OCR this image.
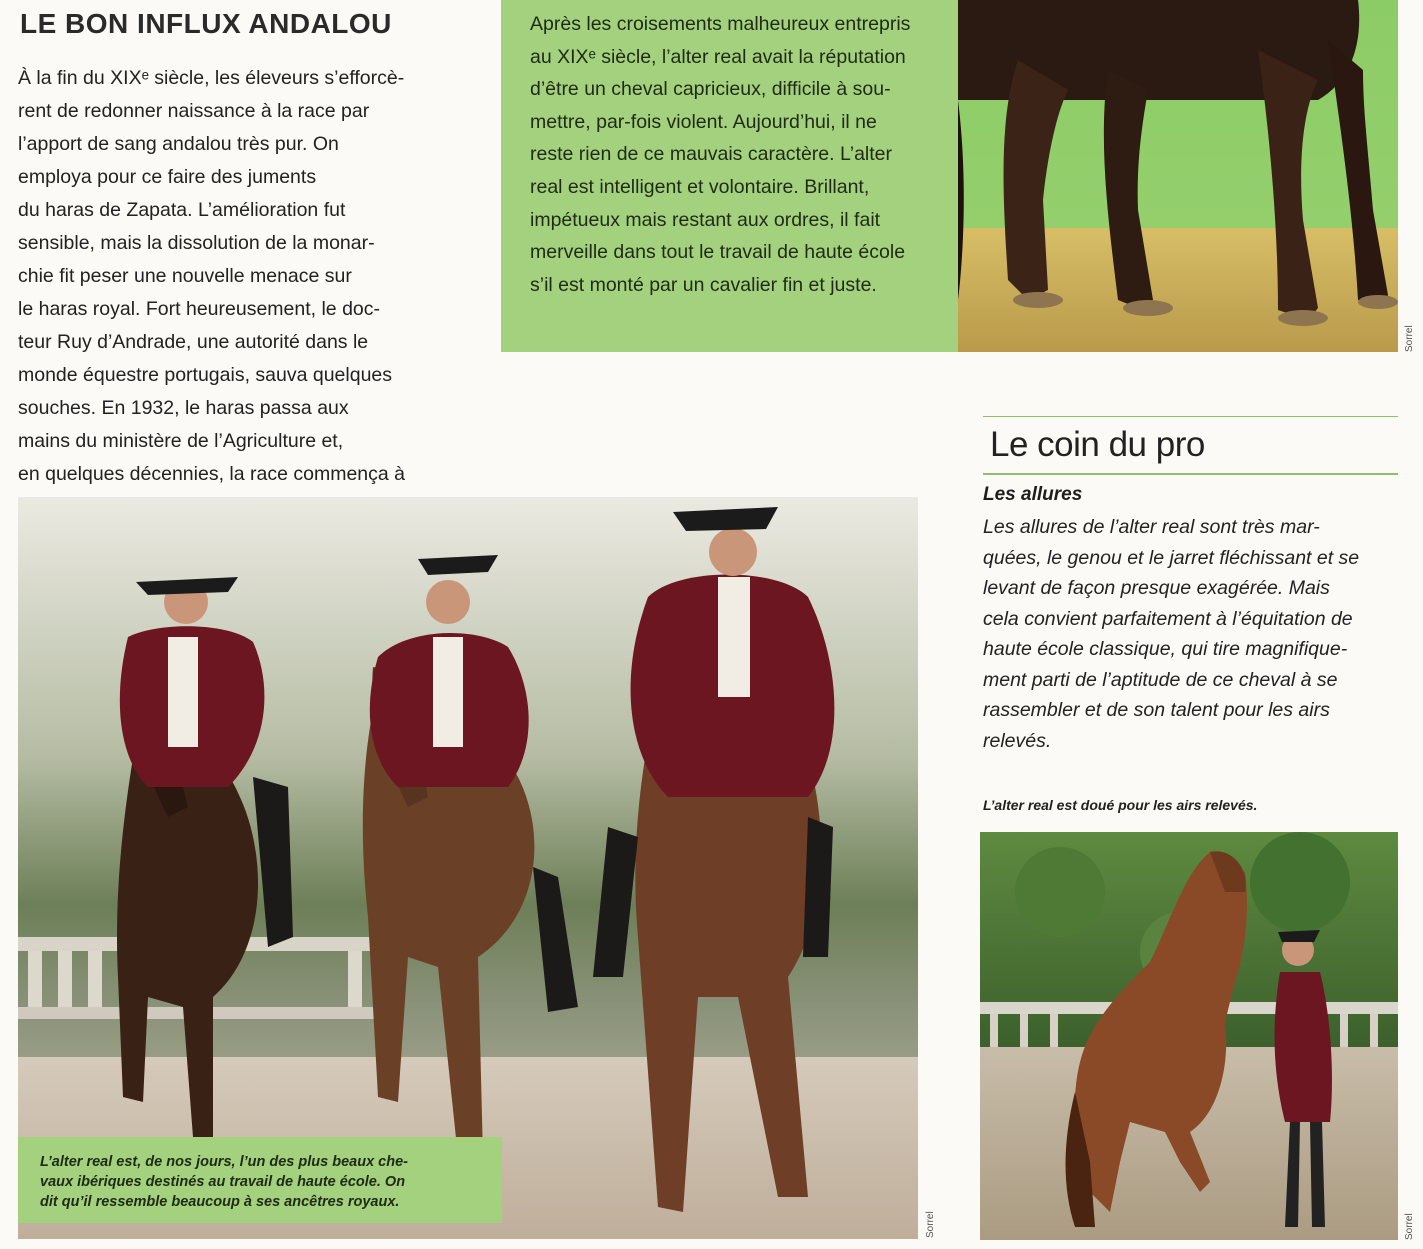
LE BON INFLUX ANDALOU

À la fin du XIXᵉ siècle, les éleveurs s’efforcè-

rent de redonner naissance à la race par

l’apport de sang andalou très pur. On

employa pour ce faire des juments

du haras de Zapata. L’amélioration fut

sensible, mais la dissolution de la monar-

chie fit peser une nouvelle menace sur

le haras royal. Fort heureusement, le doc-

teur Ruy d’Andrade, une autorité dans le

monde équestre portugais, sauva quelques

souches. En 1932, le haras passa aux

mains du ministère de l’Agriculture et,

en quelques décennies, la race commença à

Après les croisements malheureux entrepris

au XIXᵉ siècle, l’alter real avait la réputation

d’être un cheval capricieux, difficile à sou-

mettre, par-fois violent. Aujourd’hui, il ne

reste rien de ce mauvais caractère. L’alter

real est intelligent et volontaire. Brillant,

impétueux mais restant aux ordres, il fait

merveille dans tout le travail de haute école

s’il est monté par un cavalier fin et juste.

Sorrel
Le coin du pro
Les allures

Les allures de l’alter real sont très mar-

quées, le genou et le jarret fléchissant et se

levant de façon presque exagérée. Mais

cela convient parfaitement à l’équitation de

haute école classique, qui tire magnifique-

ment parti de l’aptitude de ce cheval à se

rassembler et de son talent pour les airs

relevés.

L’alter real est doué pour les airs relevés.

L’alter real est, de nos jours, l’un des plus beaux che-

vaux ibériques destinés au travail de haute école. On

dit qu’il ressemble beaucoup à ses ancêtres royaux.

Sorrel	Sorrel
